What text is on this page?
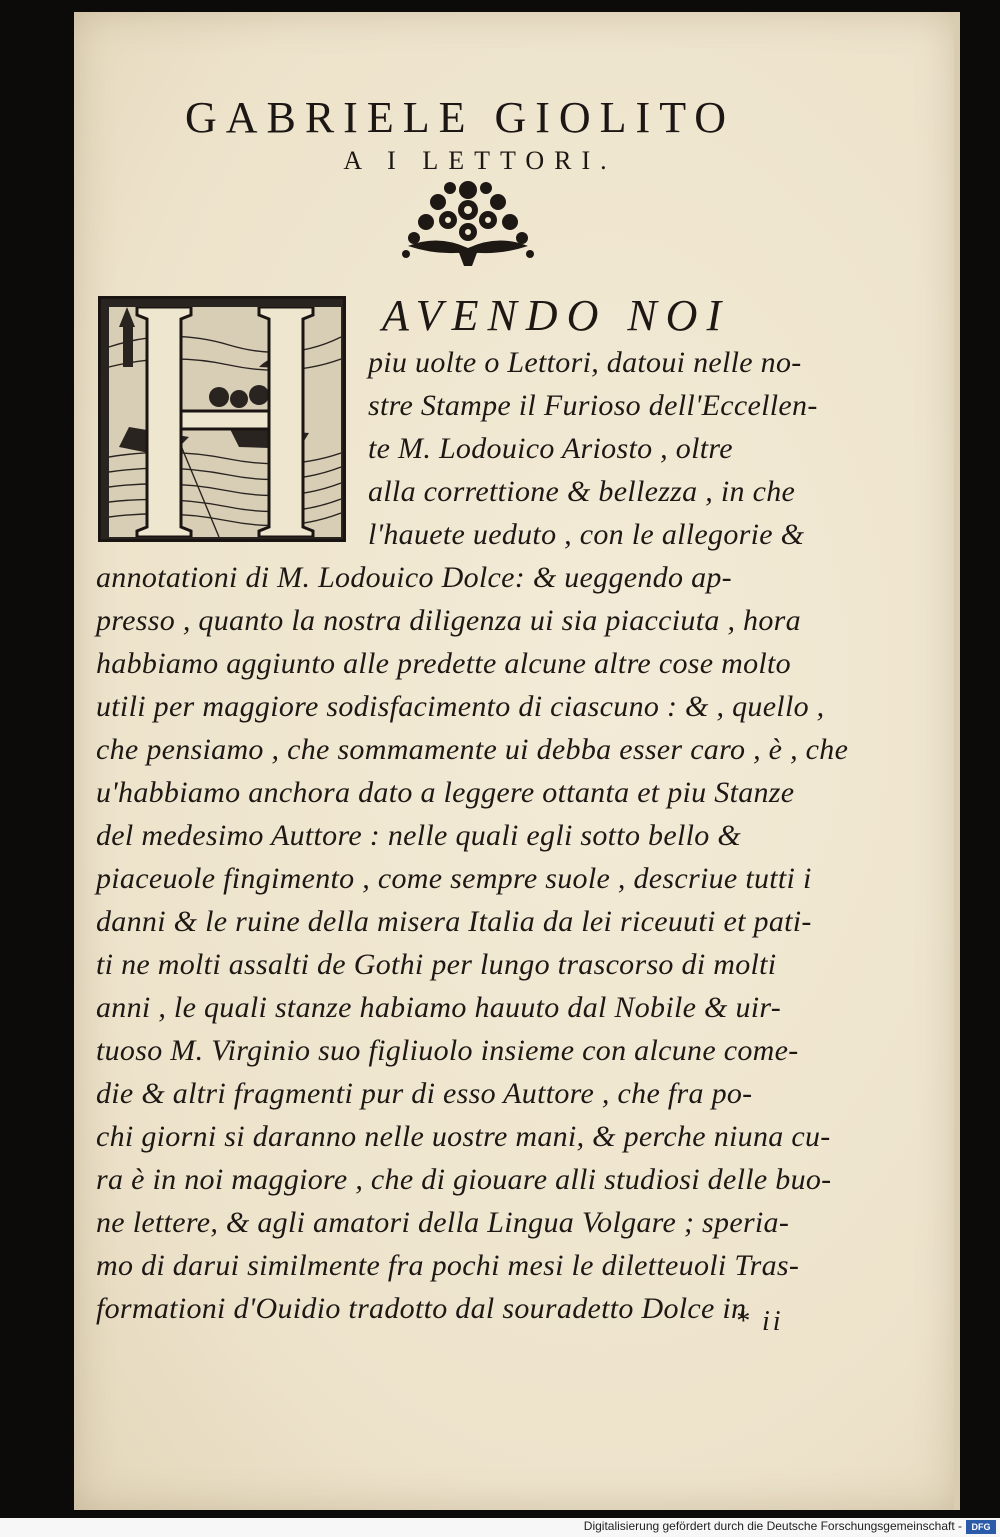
GABRIELE GIOLITO
A I LETTORI.
AVENDO NOI
piu uolte o Lettori, datoui nelle no-
stre Stampe il Furioso dell'Eccellen-
te M. Lodouico Ariosto , oltre
alla correttione & bellezza , in che
l'hauete ueduto , con le allegorie &
annotationi di M. Lodouico Dolce: & ueggendo ap-
presso , quanto la nostra diligenza ui sia piacciuta , hora
habbiamo aggiunto alle predette alcune altre cose molto
utili per maggiore sodisfacimento di ciascuno : & , quello ,
che pensiamo , che sommamente ui debba esser caro , è , che
u'habbiamo anchora dato a leggere ottanta et piu Stanze
del medesimo Auttore : nelle quali egli sotto bello &
piaceuole fingimento , come sempre suole , descriue tutti i
danni & le ruine della misera Italia da lei riceuuti et pati-
ti ne molti assalti de Gothi per lungo trascorso di molti
anni , le quali stanze habiamo hauuto dal Nobile & uir-
tuoso M. Virginio suo figliuolo insieme con alcune come-
die & altri fragmenti pur di esso Auttore , che fra po-
chi giorni si daranno nelle uostre mani, & perche niuna cu-
ra è in noi maggiore , che di giouare alli studiosi delle buo-
ne lettere, & agli amatori della Lingua Volgare ; speria-
mo di darui similmente fra pochi mesi le diletteuoli Tras-
formationi d'Ouidio tradotto dal souradetto Dolce in
* ii
Digitalisierung gefördert durch die Deutsche Forschungsgemeinschaft -	DFG
